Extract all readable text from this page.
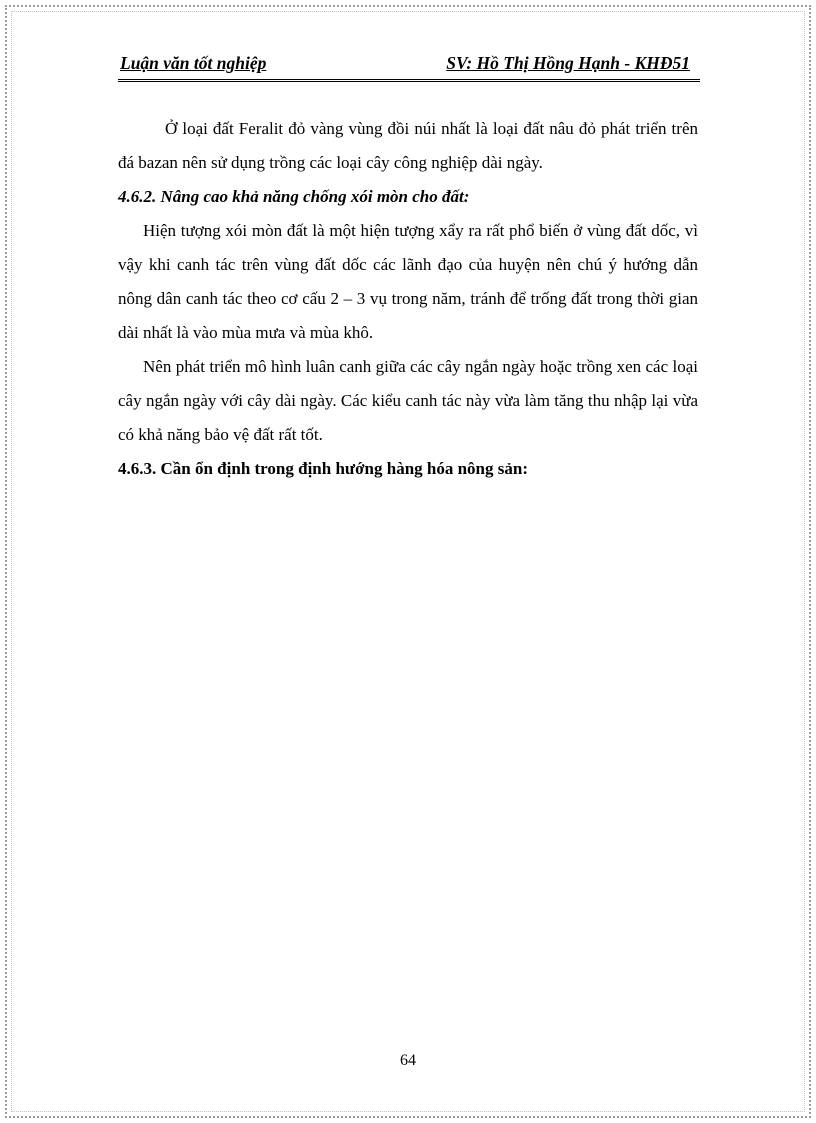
Luận văn tốt nghiệp	SV: Hồ Thị Hồng Hạnh - KHĐ51

Ở loại đất Feralit đỏ vàng vùng đồi núi nhất là loại đất nâu đỏ phát triển trên đá bazan nên sử dụng trồng các loại cây công nghiệp dài ngày.

4.6.2. Nâng cao khả năng chống xói mòn cho đất:

Hiện tượng xói mòn đất là một hiện tượng xẩy ra rất phổ biến ở vùng đất dốc, vì vậy khi canh tác trên vùng đất dốc các lãnh đạo của huyện nên chú ý hướng dẫn nông dân canh tác theo cơ cấu 2 – 3 vụ trong năm, tránh để trống đất trong thời gian dài nhất là vào mùa mưa và mùa khô.

Nên phát triển mô hình luân canh giữa các cây ngắn ngày hoặc trồng xen các loại cây ngắn ngày với cây dài ngày. Các kiểu canh tác này vừa làm tăng thu nhập lại vừa có khả năng bảo vệ đất rất tốt.

4.6.3. Cần ổn định trong định hướng hàng hóa nông sản:

64
